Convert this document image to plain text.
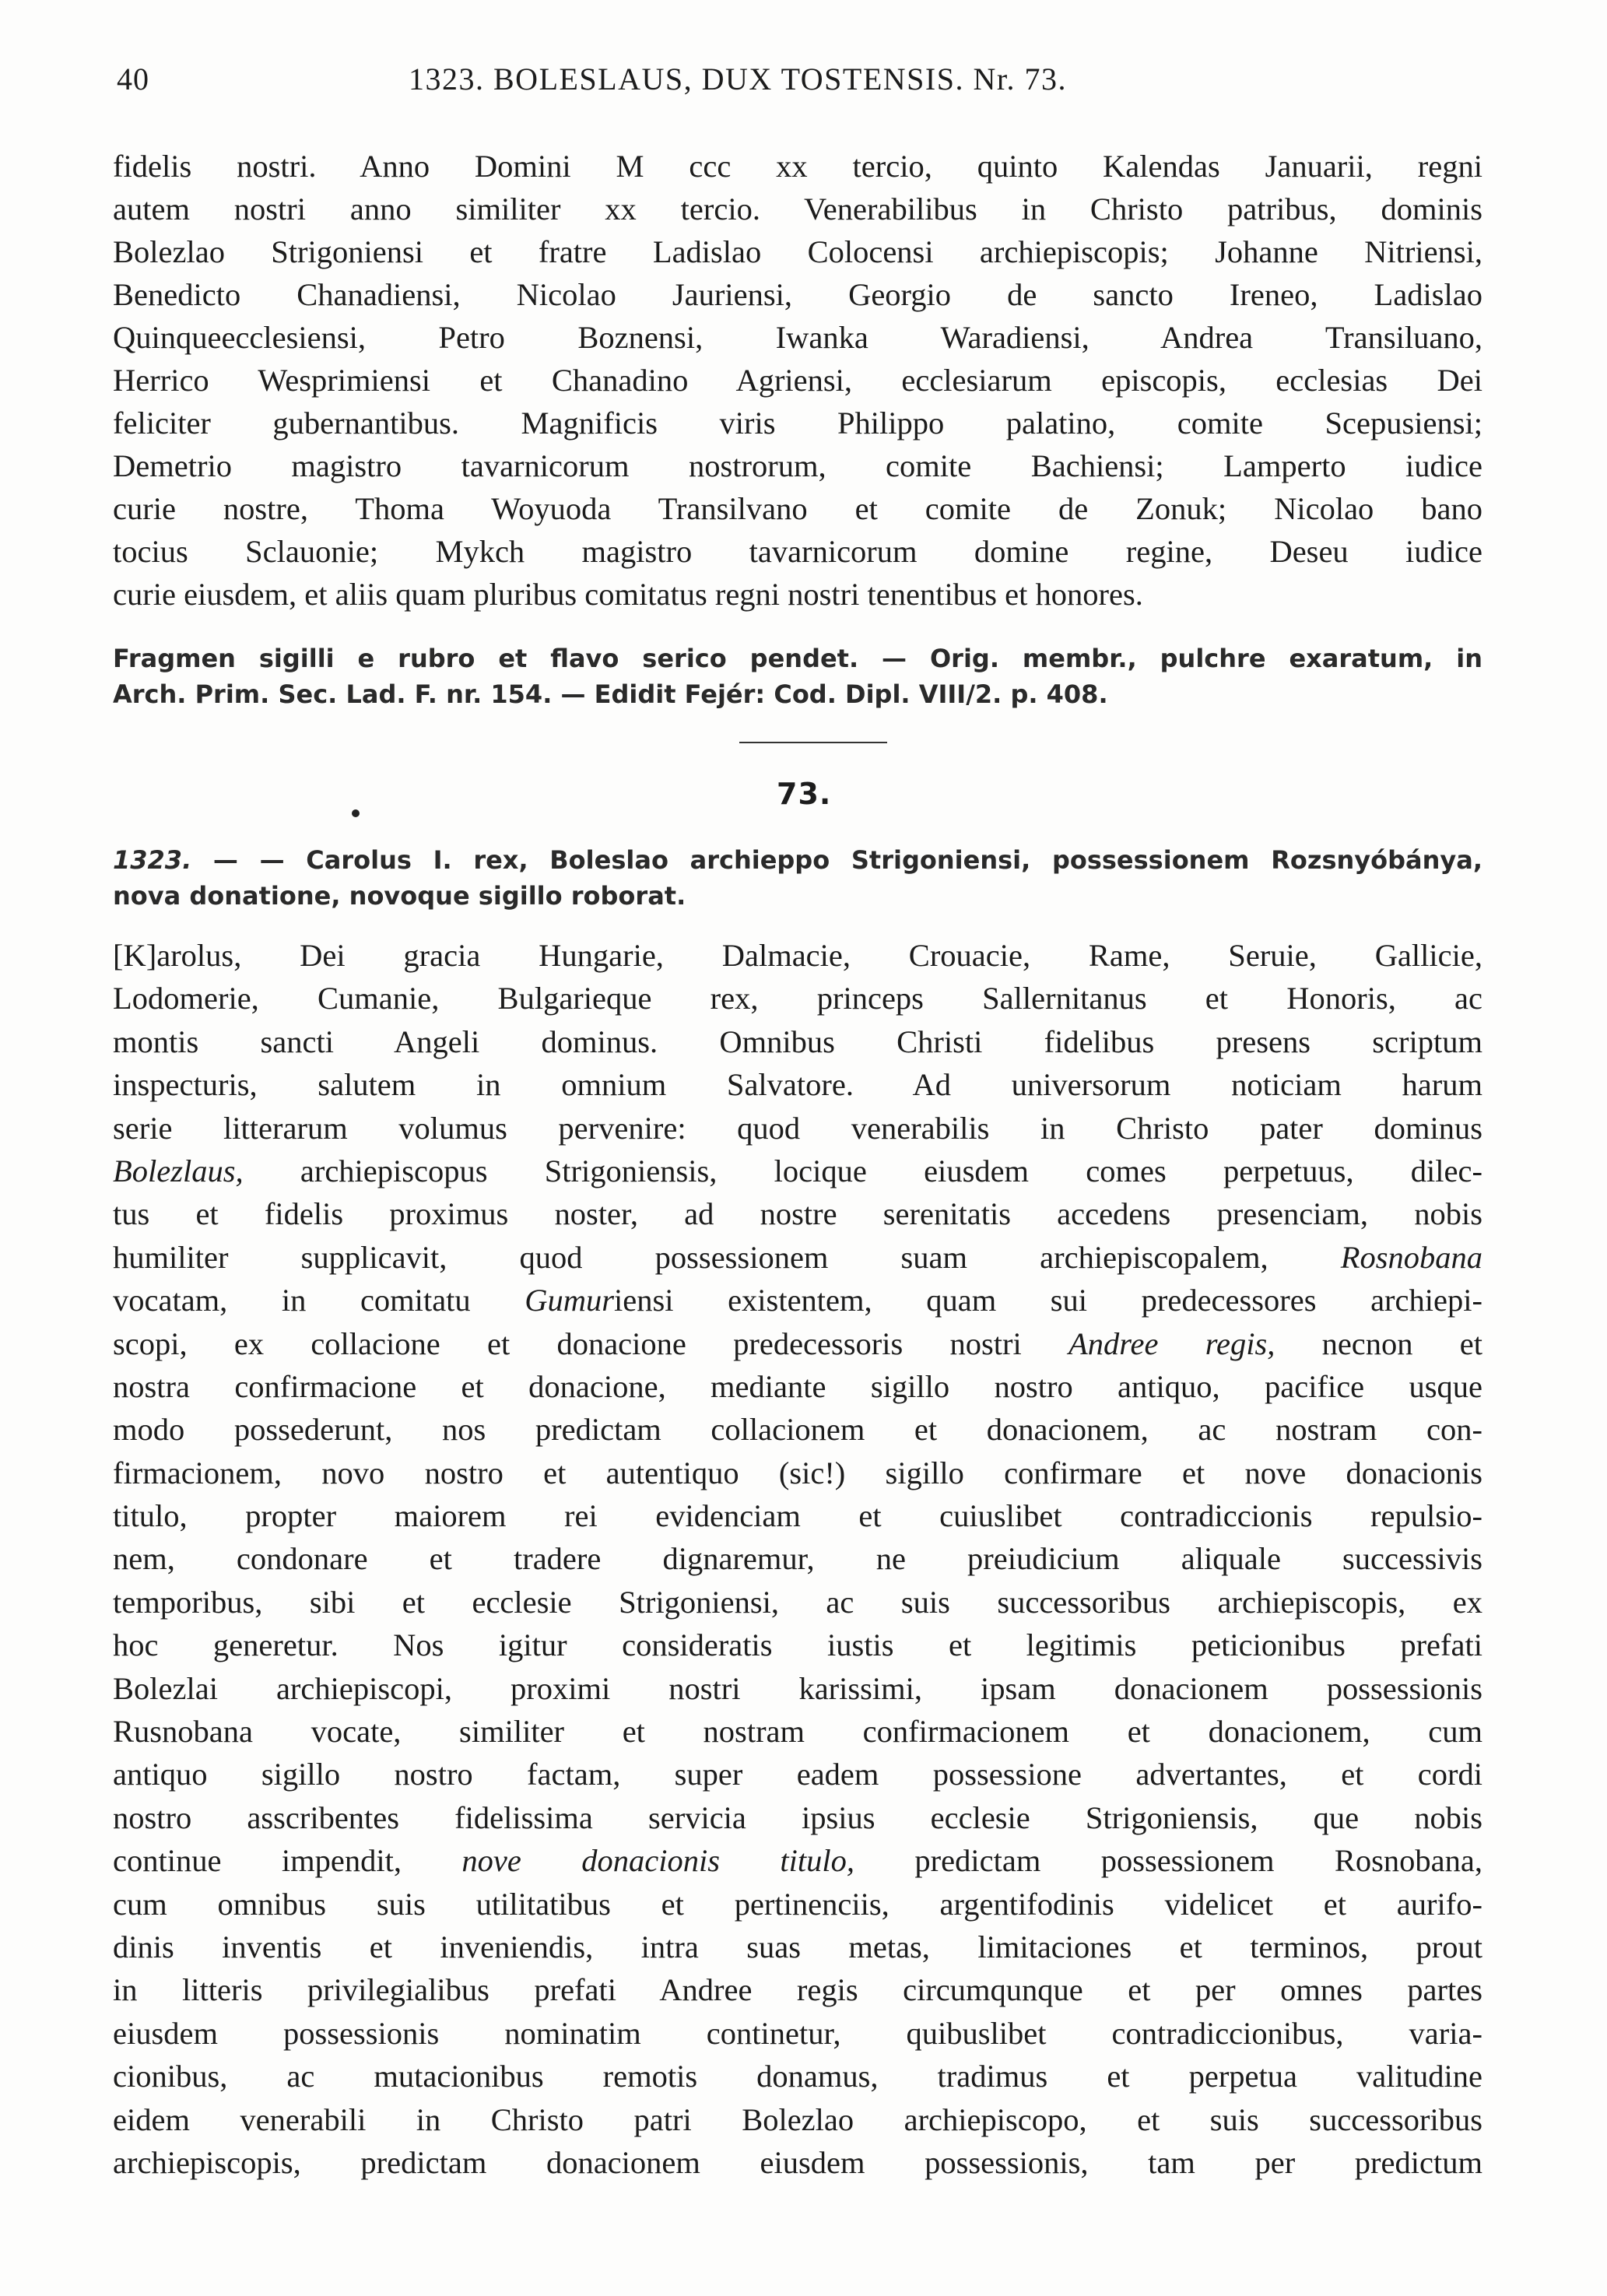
40	1323. BOLESLAUS, DUX TOSTENSIS. Nr. 73.
fidelis nostri. Anno Domini M ccc xx tercio, quinto Kalendas Januarii, regni
autem nostri anno similiter xx tercio. Venerabilibus in Christo patribus, dominis
Bolezlao Strigoniensi et fratre Ladislao Colocensi archiepiscopis; Johanne Nitriensi,
Benedicto Chanadiensi, Nicolao Jauriensi, Georgio de sancto Ireneo, Ladislao
Quinqueecclesiensi, Petro Boznensi, Iwanka Waradiensi, Andrea Transiluano,
Herrico Wesprimiensi et Chanadino Agriensi, ecclesiarum episcopis, ecclesias Dei
feliciter gubernantibus. Magnificis viris Philippo palatino, comite Scepusiensi;
Demetrio magistro tavarnicorum nostrorum, comite Bachiensi; Lamperto iudice
curie nostre, Thoma Woyuoda Transilvano et comite de Zonuk; Nicolao bano
tocius Sclauonie; Mykch magistro tavarnicorum domine regine, Deseu iudice
curie eiusdem, et aliis quam pluribus comitatus regni nostri tenentibus et honores.
Fragmen sigilli e rubro et flavo serico pendet. — Orig. membr., pulchre exaratum, in
Arch. Prim. Sec. Lad. F. nr. 154. — Edidit Fejér: Cod. Dipl. VIII/2. p. 408.
73.
1323. — — Carolus I. rex, Boleslao archieppo Strigoniensi, possessionem Rozsnyóbánya,
nova donatione, novoque sigillo roborat.
[K]arolus, Dei gracia Hungarie, Dalmacie, Crouacie, Rame, Seruie, Gallicie,
Lodomerie, Cumanie, Bulgarieque rex, princeps Sallernitanus et Honoris, ac
montis sancti Angeli dominus. Omnibus Christi fidelibus presens scriptum
inspecturis, salutem in omnium Salvatore. Ad universorum noticiam harum
serie litterarum volumus pervenire: quod venerabilis in Christo pater dominus
Bolezlaus, archiepiscopus Strigoniensis, locique eiusdem comes perpetuus, dilec-
tus et fidelis proximus noster, ad nostre serenitatis accedens presenciam, nobis
humiliter supplicavit, quod possessionem suam archiepiscopalem, Rosnobana
vocatam, in comitatu Gumuriensi existentem, quam sui predecessores archiepi-
scopi, ex collacione et donacione predecessoris nostri Andree regis, necnon et
nostra confirmacione et donacione, mediante sigillo nostro antiquo, pacifice usque
modo possederunt, nos predictam collacionem et donacionem, ac nostram con-
firmacionem, novo nostro et autentiquo (sic!) sigillo confirmare et nove donacionis
titulo, propter maiorem rei evidenciam et cuiuslibet contradiccionis repulsio-
nem, condonare et tradere dignaremur, ne preiudicium aliquale successivis
temporibus, sibi et ecclesie Strigoniensi, ac suis successoribus archiepiscopis, ex
hoc generetur. Nos igitur consideratis iustis et legitimis peticionibus prefati
Bolezlai archiepiscopi, proximi nostri karissimi, ipsam donacionem possessionis
Rusnobana vocate, similiter et nostram confirmacionem et donacionem, cum
antiquo sigillo nostro factam, super eadem possessione advertantes, et cordi
nostro asscribentes fidelissima servicia ipsius ecclesie Strigoniensis, que nobis
continue impendit, nove donacionis titulo, predictam possessionem Rosnobana,
cum omnibus suis utilitatibus et pertinenciis, argentifodinis videlicet et aurifo-
dinis inventis et inveniendis, intra suas metas, limitaciones et terminos, prout
in litteris privilegialibus prefati Andree regis circumqunque et per omnes partes
eiusdem possessionis nominatim continetur, quibuslibet contradiccionibus, varia-
cionibus, ac mutacionibus remotis donamus, tradimus et perpetua valitudine
eidem venerabili in Christo patri Bolezlao archiepiscopo, et suis successoribus
archiepiscopis, predictam donacionem eiusdem possessionis, tam per predictum
